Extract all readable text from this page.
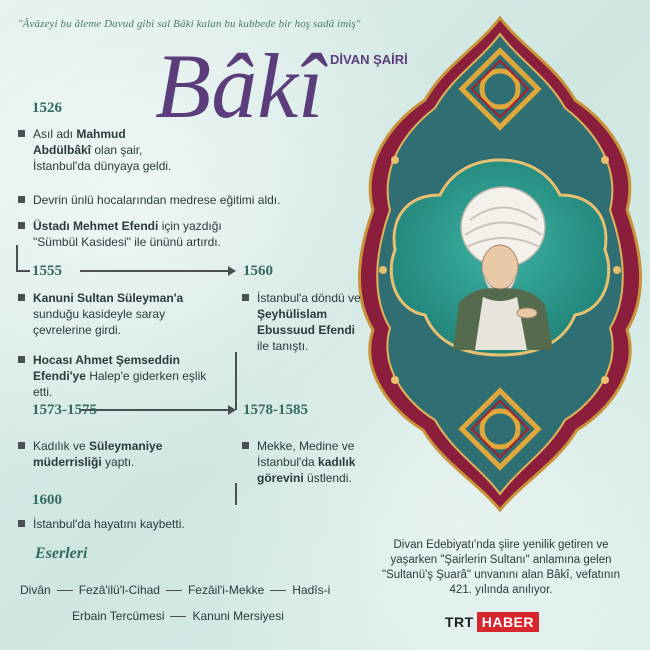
"Âvâzeyi bu âleme Davud gibi sal Bâki kalan bu kubbede bir hoş sadâ imiş"
DİVAN ŞAİRİ
Bâkî
1526
Asıl adı Mahmud Abdülbâkî olan şair, İstanbul'da dünyaya geldi.
Devrin ünlü hocalarından medrese eğitimi aldı.
Üstadı Mehmet Efendi için yazdığı "Sümbül Kasidesi" ile ününü artırdı.
1555
Kanuni Sultan Süleyman'a sunduğu kasideyle saray çevrelerine girdi.
Hocası Ahmet Şemseddin Efendi'ye Halep'e giderken eşlik etti.
1560
İstanbul'a döndü ve Şeyhülislam Ebussuud Efendi ile tanıştı.
1573-1575
Kadılık ve Süleymaniye müderrisliği yaptı.
1578-1585
Mekke, Medine ve İstanbul'da kadılık görevini üstlendi.
1600
İstanbul'da hayatını kaybetti.
Eserleri
Divân Fezâ'ilü'l-Cihad Fezâil'i-Mekke Hadîs-i
Erbain Tercümesi Kanuni Mersiyesi
Divan Edebiyatı'nda şiire yenilik getiren ve yaşarken "Şairlerin Sultanı" anlamına gelen "Sultanü'ş Şuarâ" unvanını alan Bâkî, vefatının 421. yılında anılıyor.
TRT HABER
